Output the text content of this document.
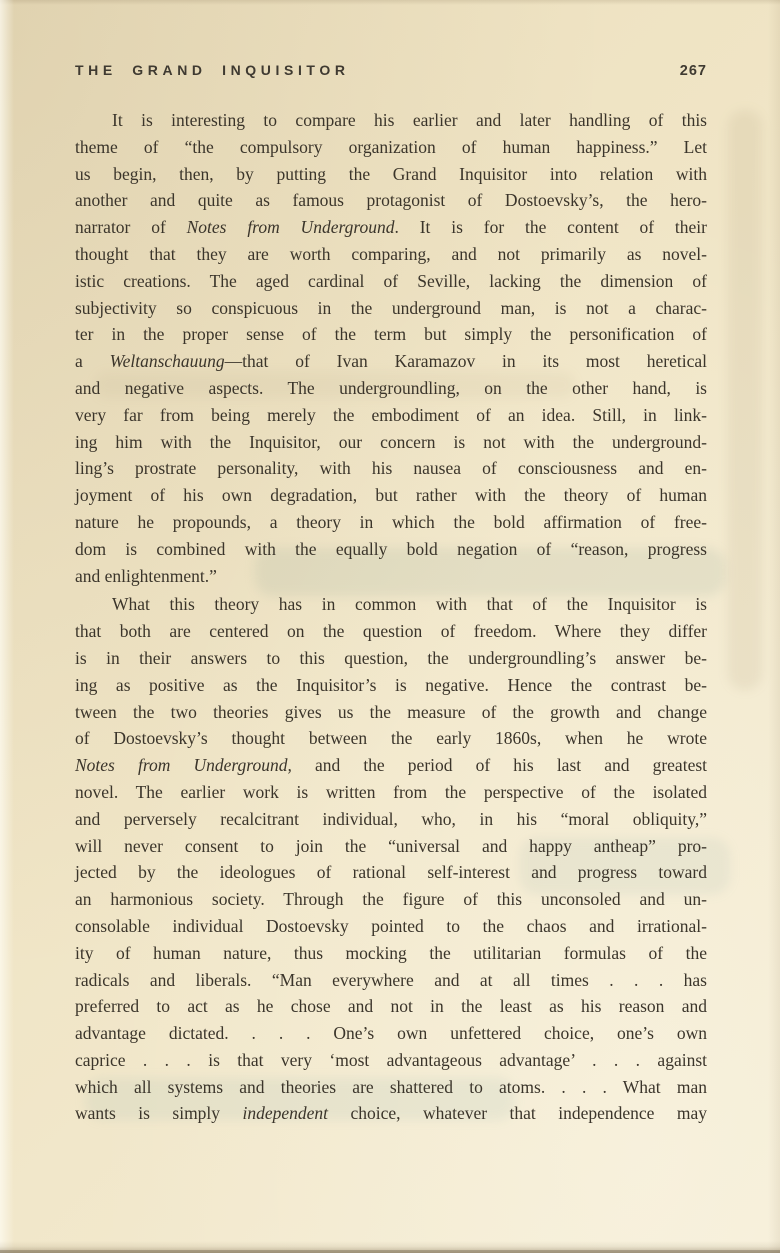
THE GRAND INQUISITOR	267
It is interesting to compare his earlier and later handling of this
theme of “the compulsory organization of human happiness.” Let
us begin, then, by putting the Grand Inquisitor into relation with
another and quite as famous protagonist of Dostoevsky’s, the hero-
narrator of Notes from Underground. It is for the content of their
thought that they are worth comparing, and not primarily as novel-
istic creations. The aged cardinal of Seville, lacking the dimension of
subjectivity so conspicuous in the underground man, is not a charac-
ter in the proper sense of the term but simply the personification of
a Weltanschauung—that of Ivan Karamazov in its most heretical
and negative aspects. The undergroundling, on the other hand, is
very far from being merely the embodiment of an idea. Still, in link-
ing him with the Inquisitor, our concern is not with the underground-
ling’s prostrate personality, with his nausea of consciousness and en-
joyment of his own degradation, but rather with the theory of human
nature he propounds, a theory in which the bold affirmation of free-
dom is combined with the equally bold negation of “reason, progress
and enlightenment.”
What this theory has in common with that of the Inquisitor is
that both are centered on the question of freedom. Where they differ
is in their answers to this question, the undergroundling’s answer be-
ing as positive as the Inquisitor’s is negative. Hence the contrast be-
tween the two theories gives us the measure of the growth and change
of Dostoevsky’s thought between the early 1860s, when he wrote
Notes from Underground, and the period of his last and greatest
novel. The earlier work is written from the perspective of the isolated
and perversely recalcitrant individual, who, in his “moral obliquity,”
will never consent to join the “universal and happy antheap” pro-
jected by the ideologues of rational self-interest and progress toward
an harmonious society. Through the figure of this unconsoled and un-
consolable individual Dostoevsky pointed to the chaos and irrational-
ity of human nature, thus mocking the utilitarian formulas of the
radicals and liberals. “Man everywhere and at all times . . . has
preferred to act as he chose and not in the least as his reason and
advantage dictated. . . . One’s own unfettered choice, one’s own
caprice . . . is that very ‘most advantageous advantage’ . . . against
which all systems and theories are shattered to atoms. . . . What man
wants is simply independent choice, whatever that independence may
